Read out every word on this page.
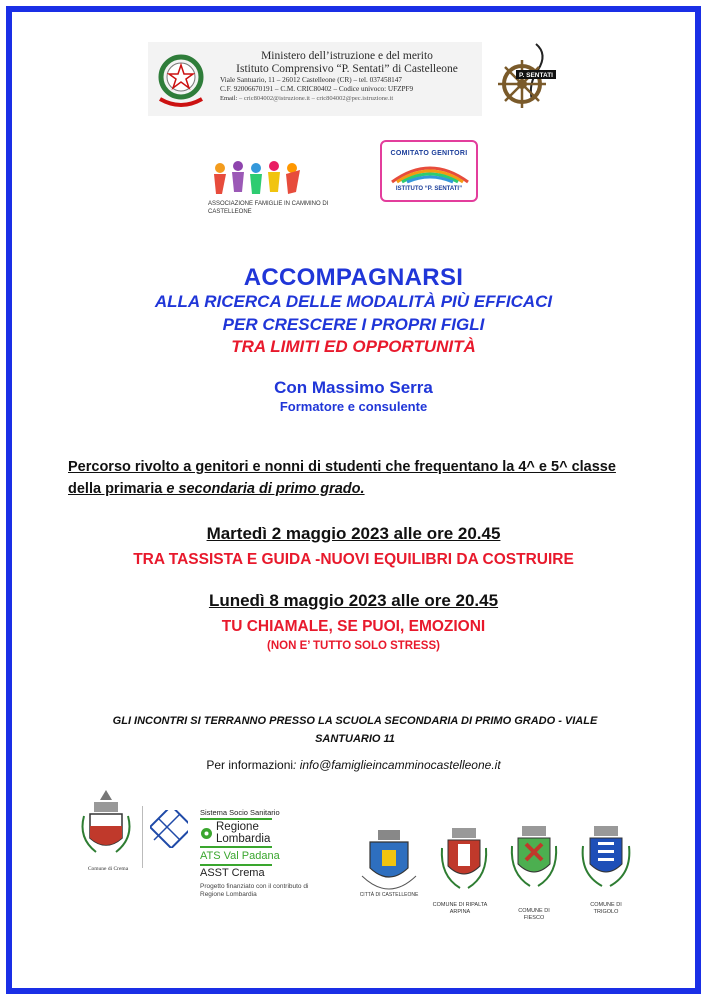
Ministero dell’istruzione e del merito
Istituto Comprensivo “P. Sentati” di Castelleone
Viale Santuario, 11 – 26012 Castelleone (CR) – tel. 037458147
C.F. 92006670191 – C.M. CRIC80402 – Codice univoco: UFZPF9
Email: – cric804002@istruzione.it – cric804002@pec.istruzione.it
P. SENTATI
ASSOCIAZIONE FAMIGLIE IN CAMMINO DI CASTELLEONE
COMITATO GENITORI
ISTITUTO “P. SENTATI”
ACCOMPAGNARSI
ALLA RICERCA DELLE MODALITÀ PIÙ EFFICACI
PER CRESCERE I PROPRI FIGLI
TRA LIMITI ED OPPORTUNITÀ
Con Massimo Serra
Formatore e consulente
Percorso rivolto a genitori e nonni di studenti che frequentano la 4^ e 5^ classe della primaria e secondaria di primo grado.
Martedì 2 maggio 2023 alle ore 20.45
TRA TASSISTA E GUIDA -NUOVI EQUILIBRI DA COSTRUIRE
Lunedì 8 maggio 2023 alle ore 20.45
TU CHIAMALE, SE PUOI, EMOZIONI
(NON E’ TUTTO SOLO STRESS)
GLI INCONTRI SI TERRANNO PRESSO LA SCUOLA SECONDARIA DI PRIMO GRADO - VIALE SANTUARIO 11
Per informazioni: info@famiglieincamminocastelleone.it
Comune di Crema
Sistema Socio Sanitario
Regione
Lombardia
ATS Val Padana
ASST Crema
Progetto finanziato con il contributo di Regione Lombardia	CITTÀ DI CASTELLEONE
COMUNE DI RIPALTA ARPINA	COMUNE DI FIESCO
COMUNE DI TRIGOLO
